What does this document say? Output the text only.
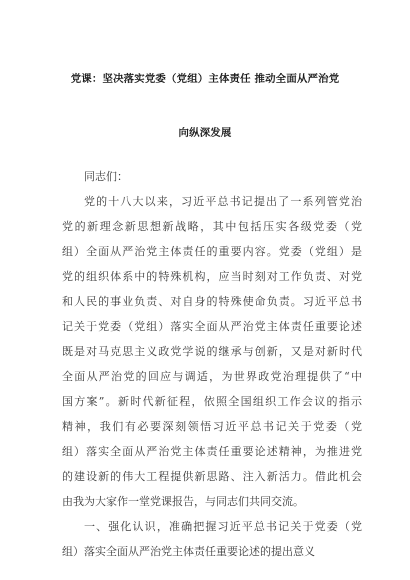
党课：坚决落实党委（党组）主体责任 推动全面从严治党
向纵深发展
同志们：
党的十八大以来，习近平总书记提出了一系列管党治
党的新理念新思想新战略，其中包括压实各级党委（党
组）全面从严治党主体责任的重要内容。党委（党组）是
党的组织体系中的特殊机构，应当时刻对工作负责、对党
和人民的事业负责、对自身的特殊使命负责。习近平总书
记关于党委（党组）落实全面从严治党主体责任重要论述
既是对马克思主义政党学说的继承与创新，又是对新时代
全面从严治党的回应与调适，为世界政党治理提供了“中
国方案”。新时代新征程，依照全国组织工作会议的指示
精神，我们有必要深刻领悟习近平总书记关于党委（党
组）落实全面从严治党主体责任重要论述精神，为推进党
的建设新的伟大工程提供新思路、注入新活力。借此机会
由我为大家作一堂党课报告，与同志们共同交流。
一、强化认识，准确把握习近平总书记关于党委（党
组）落实全面从严治党主体责任重要论述的提出意义
